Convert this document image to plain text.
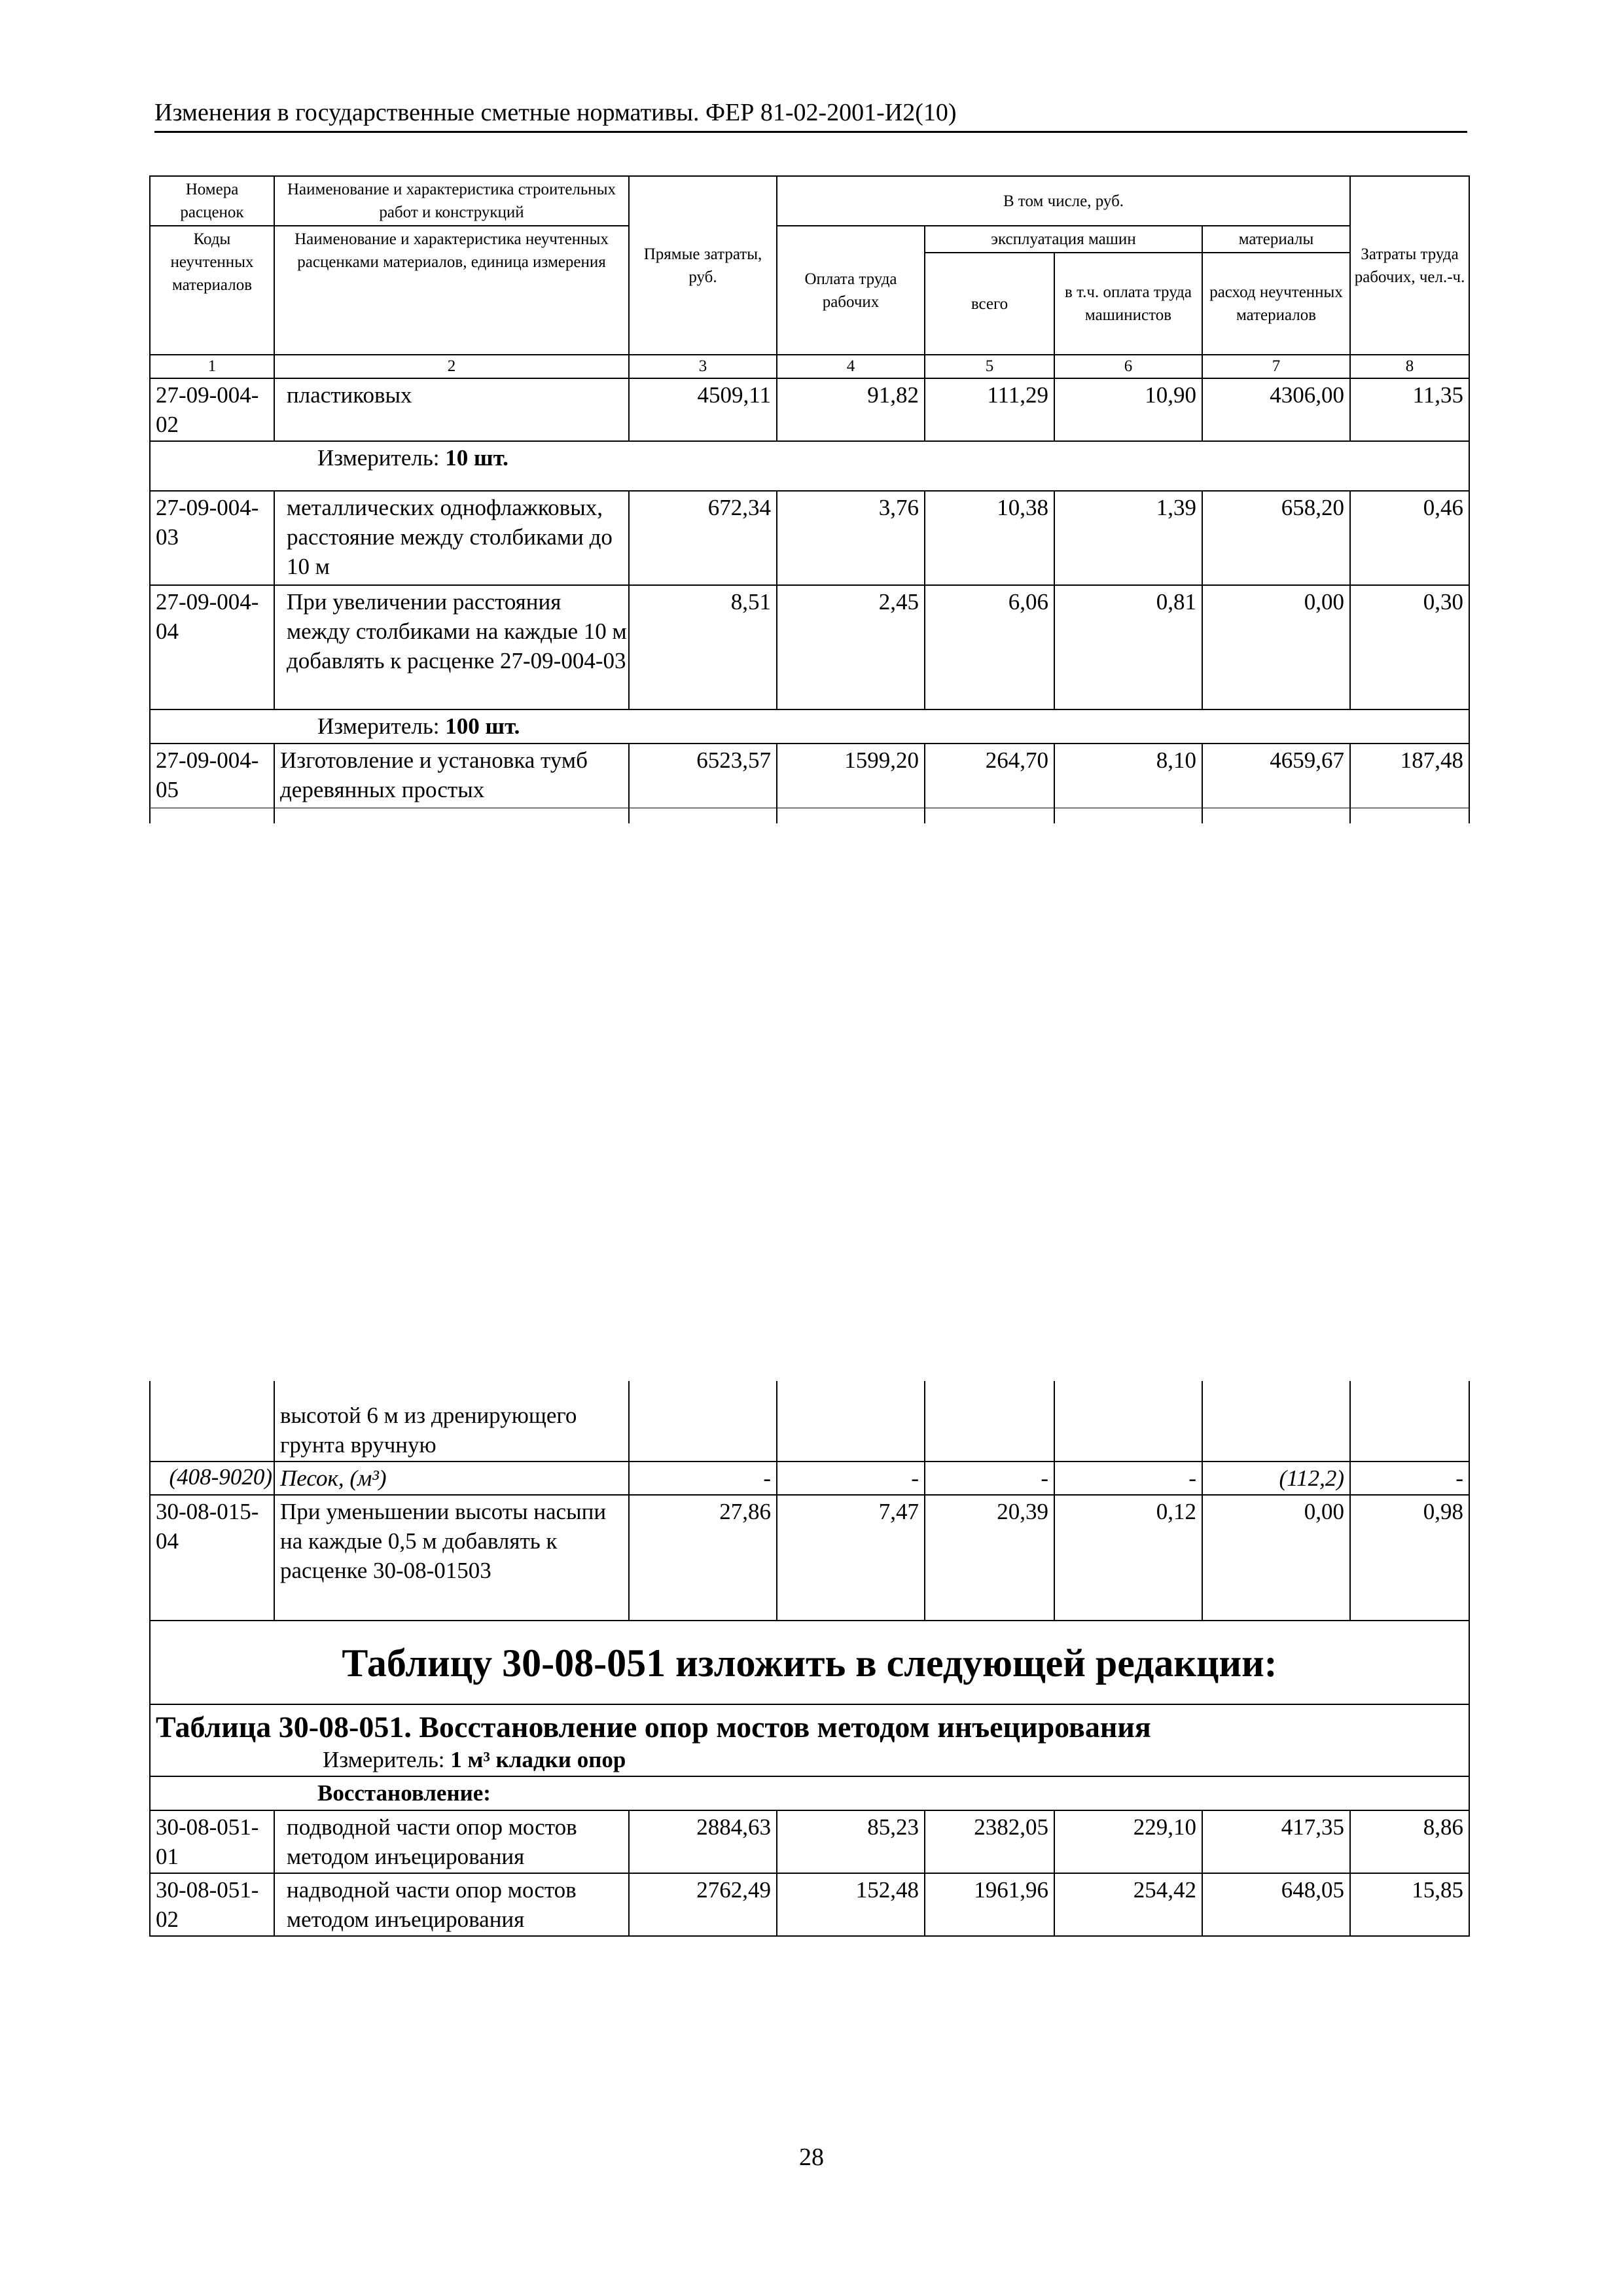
Изменения в государственные сметные нормативы. ФЕР 81-02-2001-И2(10)
Номера расценок	Наименование и характеристика строительных работ и конструкций	Прямые затраты, руб.	В том числе, руб.				Затраты труда рабочих, чел.-ч.
Коды неучтенных материалов	Наименование и характеристика неучтенных расценками материалов, единица измерения		Оплата труда рабочих	эксплуатация машин		материалы	
				всего	в т.ч. оплата труда машинистов	расход неучтенных материалов	
1	2	3	4	5	6	7	8
27-09-004-02	пластиковых	4509,11	91,82	111,29	10,90	4306,00	11,35
Измеритель: 10 шт.							
27-09-004-03	металлических однофлажковых, расстояние между столбиками до 10 м	672,34	3,76	10,38	1,39	658,20	0,46
27-09-004-04	При увеличении расстояния между столбиками на каждые 10 м добавлять к расценке 27-09-004-03	8,51	2,45	6,06	0,81	0,00	0,30
Измеритель: 100 шт.							
27-09-004-05	Изготовление и установка тумб деревянных простых	6523,57	1599,20	264,70	8,10	4659,67	187,48

	высотой 6 м из дренирующего грунта вручную						
(408-9020)	Песок, (м³)	-	-	-	-	(112,2)	-
30-08-015-04	При уменьшении высоты насыпи на каждые 0,5 м добавлять к расценке 30-08-01503	27,86	7,47	20,39	0,12	0,00	0,98
Таблицу 30-08-051 изложить в следующей редакции:							
Таблица 30-08-051. Восстановление опор мостов методом инъецирования
Измеритель: 1 м³ кладки опор							

Восстановление:							
30-08-051-01	подводной части опор мостов методом инъецирования	2884,63	85,23	2382,05	229,10	417,35	8,86
30-08-051-02	надводной части опор мостов методом инъецирования	2762,49	152,48	1961,96	254,42	648,05	15,85
28
